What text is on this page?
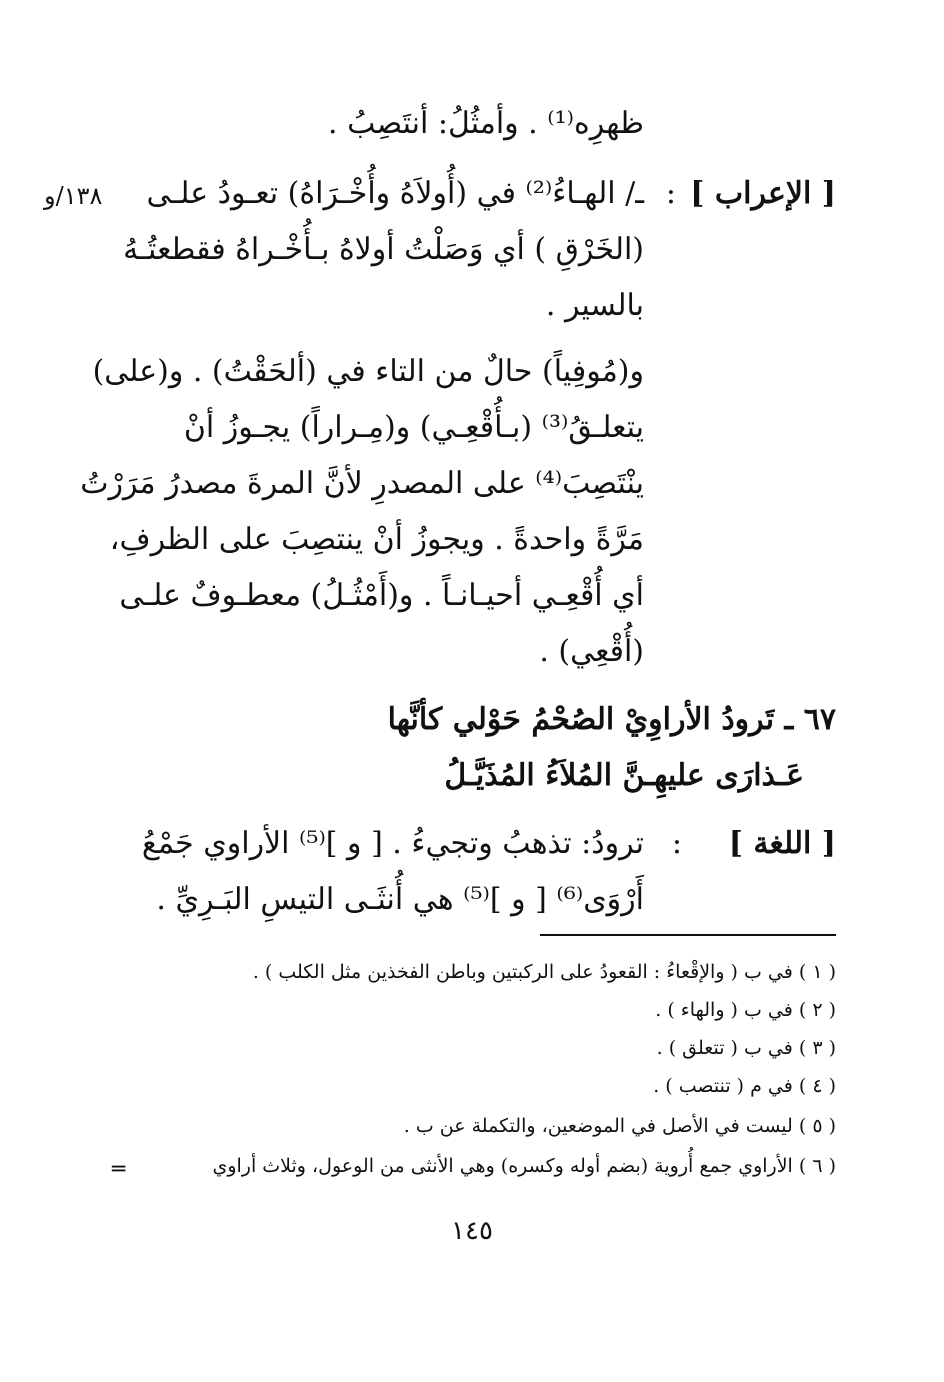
ظهرِه⁽¹⁾ . وأمثُلُ: أنتَصِبُ .
[ الإعراب ]
:
ـ/ الهـاءُ⁽²⁾ في (أُولاَهُ وأُخْـرَاهُ) تعـودُ علـى
١٣٨/و
(الخَرْقِ ) أي وَصَلْتُ أولاهُ بـأُخْـراهُ فقطعتُـهُ
بالسير .
و(مُوفِياً) حالٌ من التاء في (ألحَقْتُ) . و(على)
يتعلـقُ⁽³⁾ (بـأُقْعِـي) و(مِـراراً) يجـوزُ أنْ
ينْتَصِبَ⁽⁴⁾ على المصدرِ لأنَّ المرةَ مصدرُ مَرَرْتُ
مَرَّةً واحدةً . ويجوزُ أنْ ينتصِبَ على الظرفِ،
أي أُقْعِـي أحيـانـاً . و(أَمْثُـلُ) معطـوفٌ علـى
(أُقْعِي) .
٦٧ ـ تَرودُ الأراوِيْ الصُحْمُ حَوْلي كأنَّها
عَـذارَى عليهِـنَّ المُلاَءُ المُذَيَّـلُ
[ اللغة ]
:
ترودُ: تذهبُ وتجيءُ . [ و ]⁽⁵⁾ الأراوي جَمْعُ
أَرْوَى⁽⁶⁾ [ و ]⁽⁵⁾ هي أُنثَـى التيسِ البَـرِيِّ .
( ١ ) في ب ( والإقْعاءُ : القعودُ على الركبتين وباطن الفخذين مثل الكلب ) .
( ٢ ) في ب ( والهاء ) .
( ٣ ) في ب ( تتعلق ) .
( ٤ ) في م ( تنتصب ) .
( ٥ ) ليست في الأصل في الموضعين، والتكملة عن ب .
( ٦ ) الأراوي جمع أُروية (بضم أوله وكسره) وهي الأنثى من الوعول، وثلاث أراوي
═
١٤٥
